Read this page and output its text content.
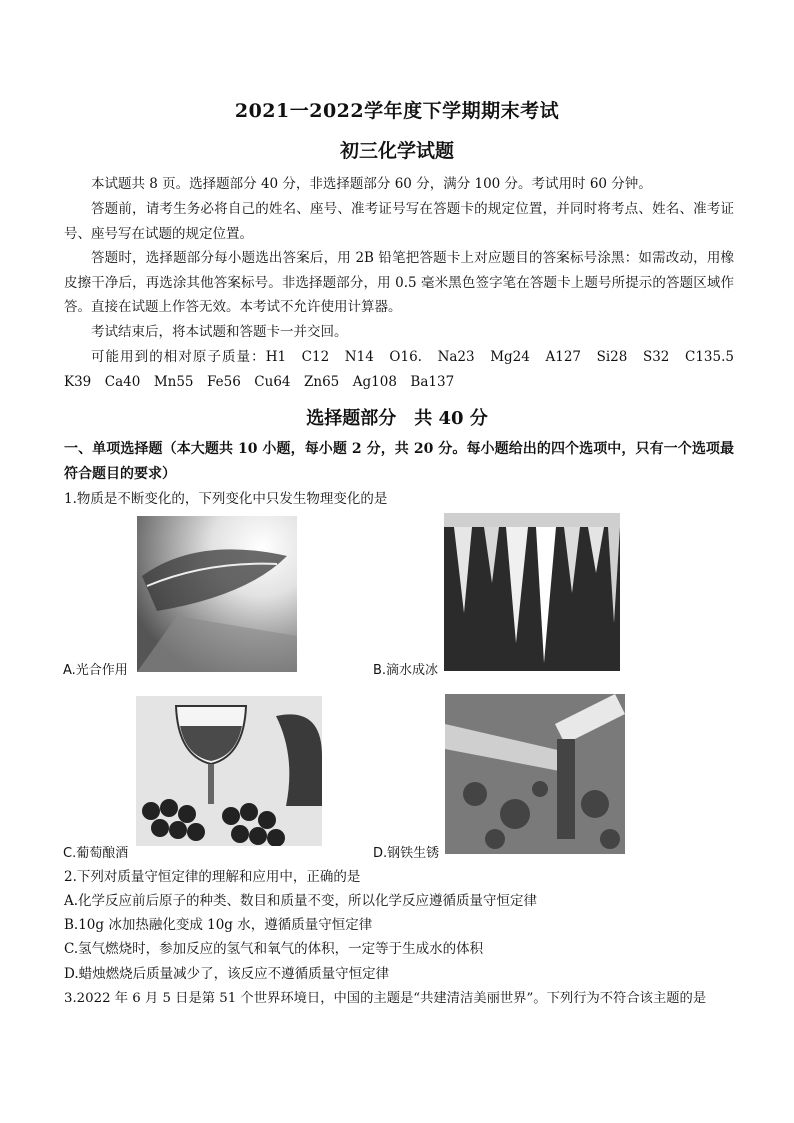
2021一2022学年度下学期期末考试
初三化学试题
本试题共 8 页。选择题部分 40 分，非选择题部分 60 分，满分 100 分。考试用时 60 分钟。
答题前，请考生务必将自己的姓名、座号、准考证号写在答题卡的规定位置，并同时将考点、姓名、准考证号、座号写在试题的规定位置。
答题时，选择题部分每小题选出答案后，用 2B 铅笔把答题卡上对应题目的答案标号涂黑：如需改动，用橡皮擦干净后，再选涂其他答案标号。非选择题部分，用 0.5 毫米黑色签字笔在答题卡上题号所提示的答题区域作答。直接在试题上作答无效。本考试不允许使用计算器。
考试结束后，将本试题和答题卡一并交回。
可能用到的相对原子质量：H1　C12　N14　O16.　Na23　Mg24　A127　Si28　S32　C135.5　K39　Ca40　Mn55　Fe56　Cu64　Zn65　Ag108　Ba137
选择题部分　共 40 分
一、单项选择题（本大题共 10 小题，每小题 2 分，共 20 分。每小题给出的四个选项中，只有一个选项最符合题目的要求）
1.物质是不断变化的，下列变化中只发生物理变化的是
A.光合作用	B.滴水成冰
C.葡萄酿酒	D.钢铁生锈
2.下列对质量守恒定律的理解和应用中，正确的是
A.化学反应前后原子的种类、数目和质量不变，所以化学反应遵循质量守恒定律
B.10g 冰加热融化变成 10g 水，遵循质量守恒定律
C.氢气燃烧时，参加反应的氢气和氧气的体积，一定等于生成水的体积
D.蜡烛燃烧后质量减少了，该反应不遵循质量守恒定律
3.2022 年 6 月 5 日是第 51 个世界环境日，中国的主题是“共建清洁美丽世界”。下列行为不符合该主题的是
